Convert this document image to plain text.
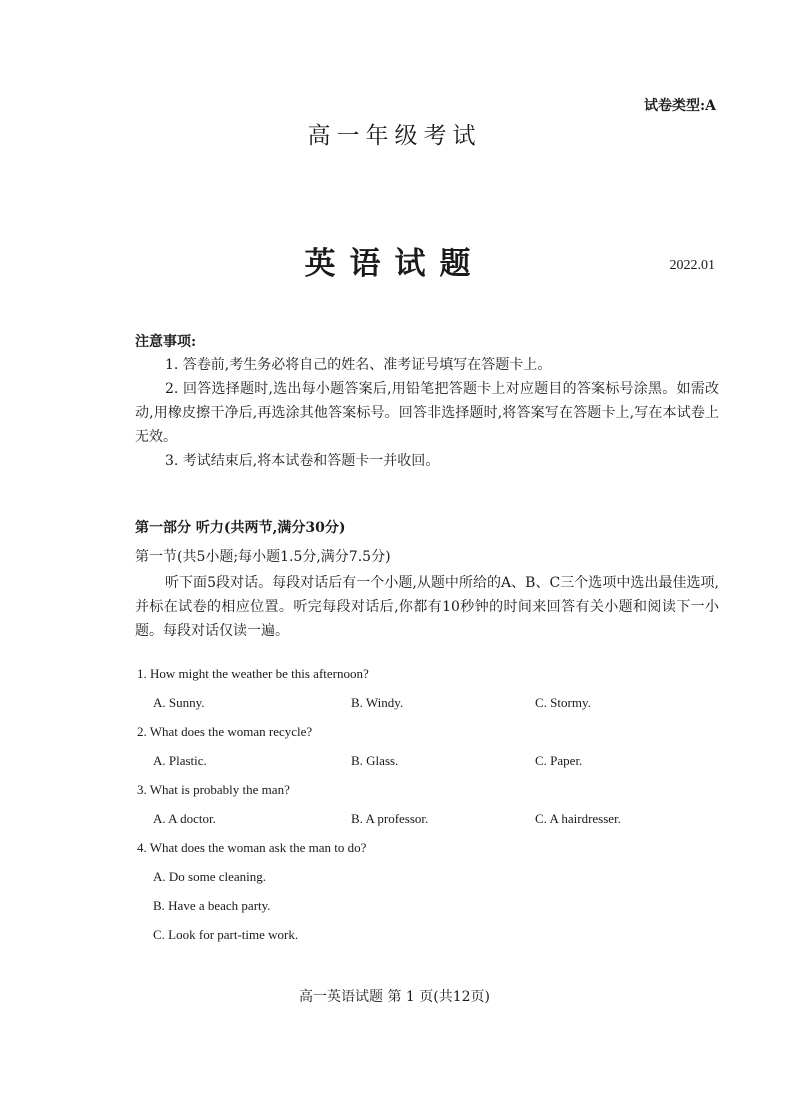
试卷类型:A
高一年级考试
英语试题	2022.01
注意事项:
1. 答卷前,考生务必将自己的姓名、准考证号填写在答题卡上。
2. 回答选择题时,选出每小题答案后,用铅笔把答题卡上对应题目的答案标号涂黑。如需改动,用橡皮擦干净后,再选涂其他答案标号。回答非选择题时,将答案写在答题卡上,写在本试卷上无效。
3. 考试结束后,将本试卷和答题卡一并收回。
第一部分 听力(共两节,满分30分)
第一节(共5小题;每小题1.5分,满分7.5分)
听下面5段对话。每段对话后有一个小题,从题中所给的A、B、C三个选项中选出最佳选项,并标在试卷的相应位置。听完每段对话后,你都有10秒钟的时间来回答有关小题和阅读下一小题。每段对话仅读一遍。
1. How might the weather be this afternoon?
A. Sunny.	B. Windy.	C. Stormy.
2. What does the woman recycle?
A. Plastic.	B. Glass.	C. Paper.
3. What is probably the man?
A. A doctor.	B. A professor.	C. A hairdresser.
4. What does the woman ask the man to do?
A. Do some cleaning.
B. Have a beach party.
C. Look for part-time work.
高一英语试题 第 1 页(共12页)
